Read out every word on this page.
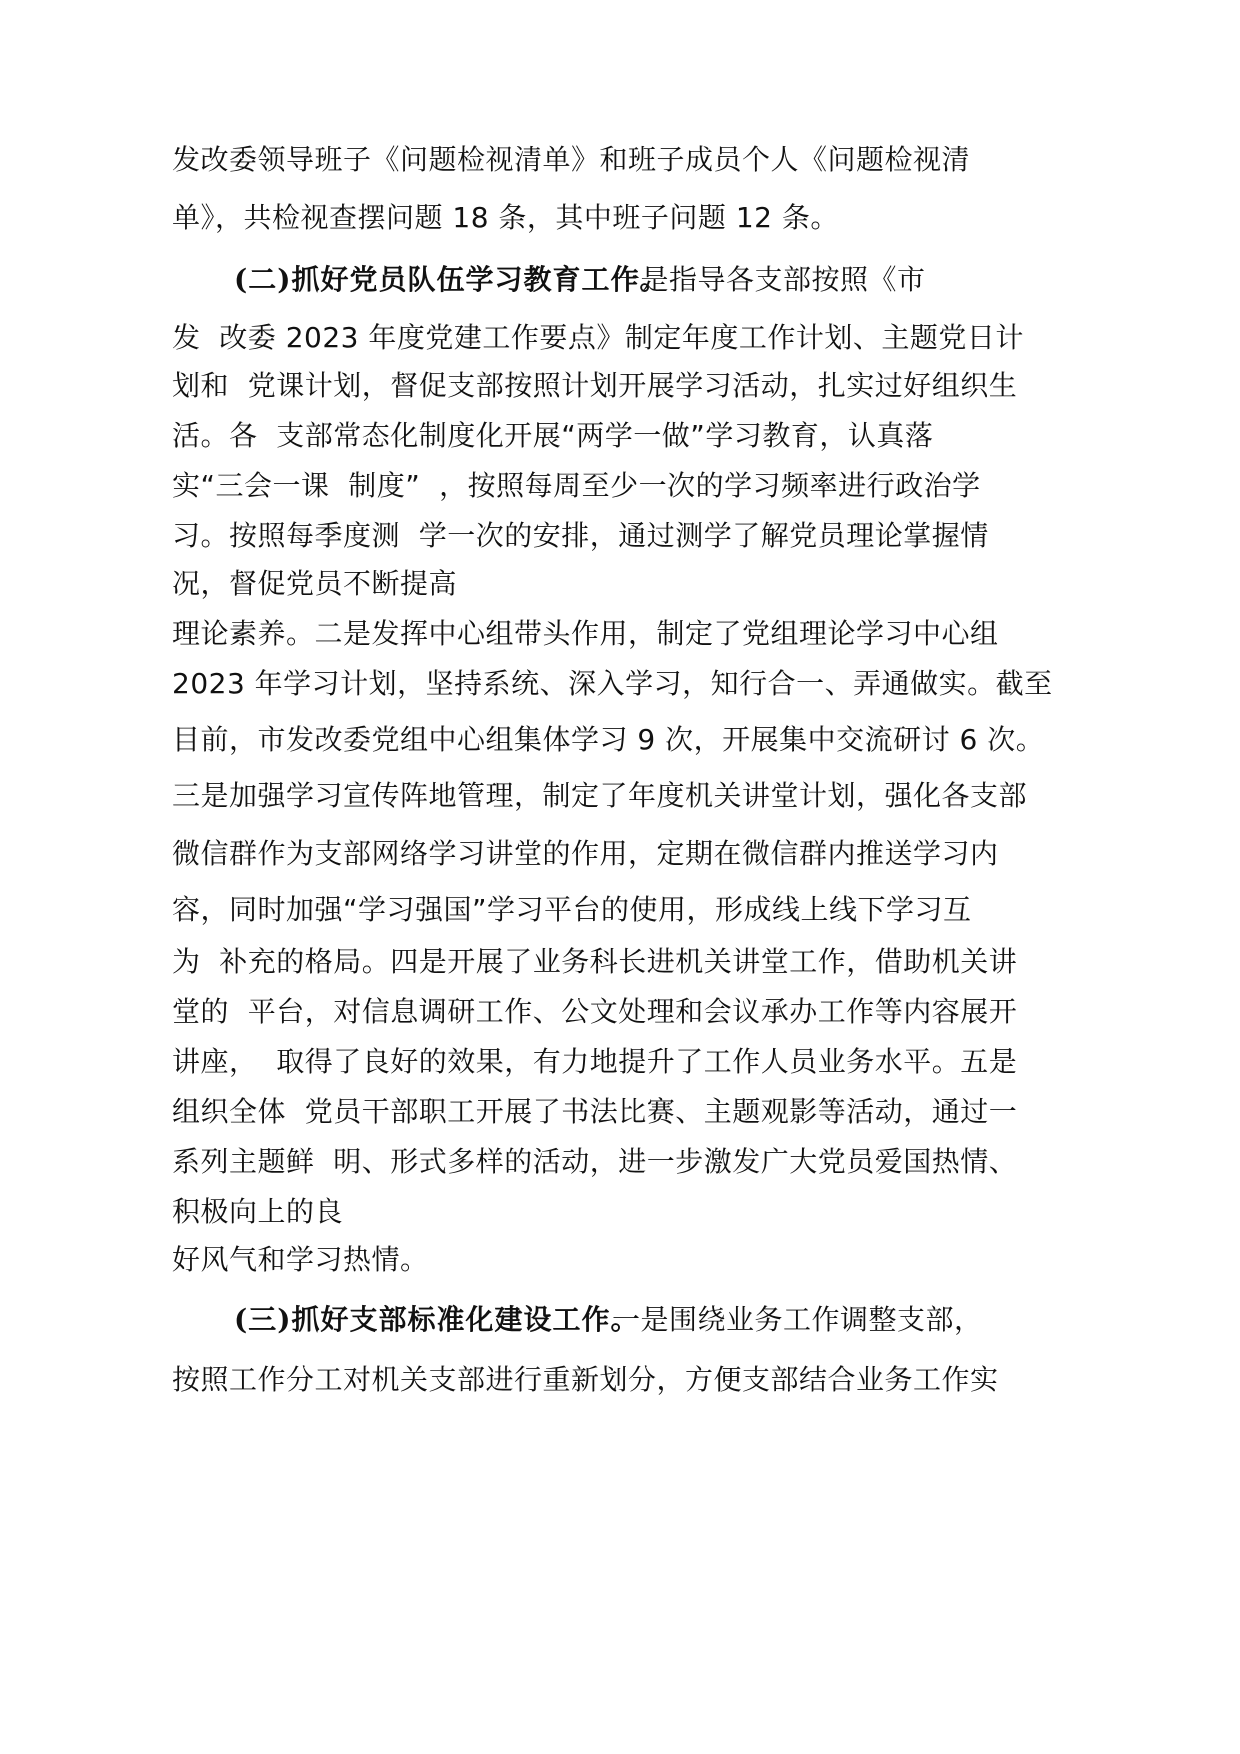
发改委领导班子《问题检视清单》和班子成员个人《问题检视清
单》，共检视查摆问题 18 条，其中班子问题 12 条。
(二)抓好党员队伍学习教育工作。
一是指导各支部按照《市
发  改委 2023 年度党建工作要点》制定年度工作计划、主题党日计
划和  党课计划，督促支部按照计划开展学习活动，扎实过好组织生
活。各  支部常态化制度化开展“两学一做”学习教育，认真落
实“三会一课  制度”  ，按照每周至少一次的学习频率进行政治学
习。按照每季度测  学一次的安排，通过测学了解党员理论掌握情
况，督促党员不断提高
理论素养。二是发挥中心组带头作用，制定了党组理论学习中心组
2023 年学习计划，坚持系统、深入学习，知行合一、弄通做实。截至
目前，市发改委党组中心组集体学习 9 次，开展集中交流研讨 6 次。
三是加强学习宣传阵地管理，制定了年度机关讲堂计划，强化各支部
微信群作为支部网络学习讲堂的作用，定期在微信群内推送学习内
容，同时加强“学习强国”学习平台的使用，形成线上线下学习互
为  补充的格局。四是开展了业务科长进机关讲堂工作，借助机关讲
堂的  平台，对信息调研工作、公文处理和会议承办工作等内容展开
讲座，  取得了良好的效果，有力地提升了工作人员业务水平。五是
组织全体  党员干部职工开展了书法比赛、主题观影等活动，通过一
系列主题鲜  明、形式多样的活动，进一步激发广大党员爱国热情、
积极向上的良
好风气和学习热情。
(三)抓好支部标准化建设工作。
一是围绕业务工作调整支部，
按照工作分工对机关支部进行重新划分，方便支部结合业务工作实
